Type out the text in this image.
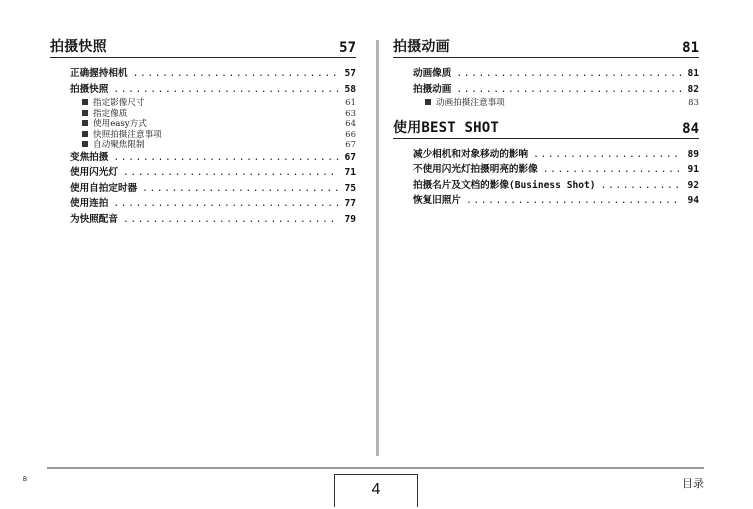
拍摄快照	57
正确握持相机 .....	57
拍摄快照 .....	58
指定影像尺寸	61
指定像质	63
使用easy方式	64
快照拍摄注意事项	66
自动聚焦限制	67
变焦拍摄 .....	67
使用闪光灯 .....	71
使用自拍定时器 .....	75
使用连拍 .....	77
为快照配音 .....	79
拍摄动画	81
动画像质 .....	81
拍摄动画 .....	82
动画拍摄注意事项	83
使用BEST SHOT	84
减少相机和对象移动的影响 .....	89
不使用闪光灯拍摄明亮的影像 .....	91
拍摄名片及文档的影像(Business Shot) .....	92
恢复旧照片 .....	94
B
4	目录
